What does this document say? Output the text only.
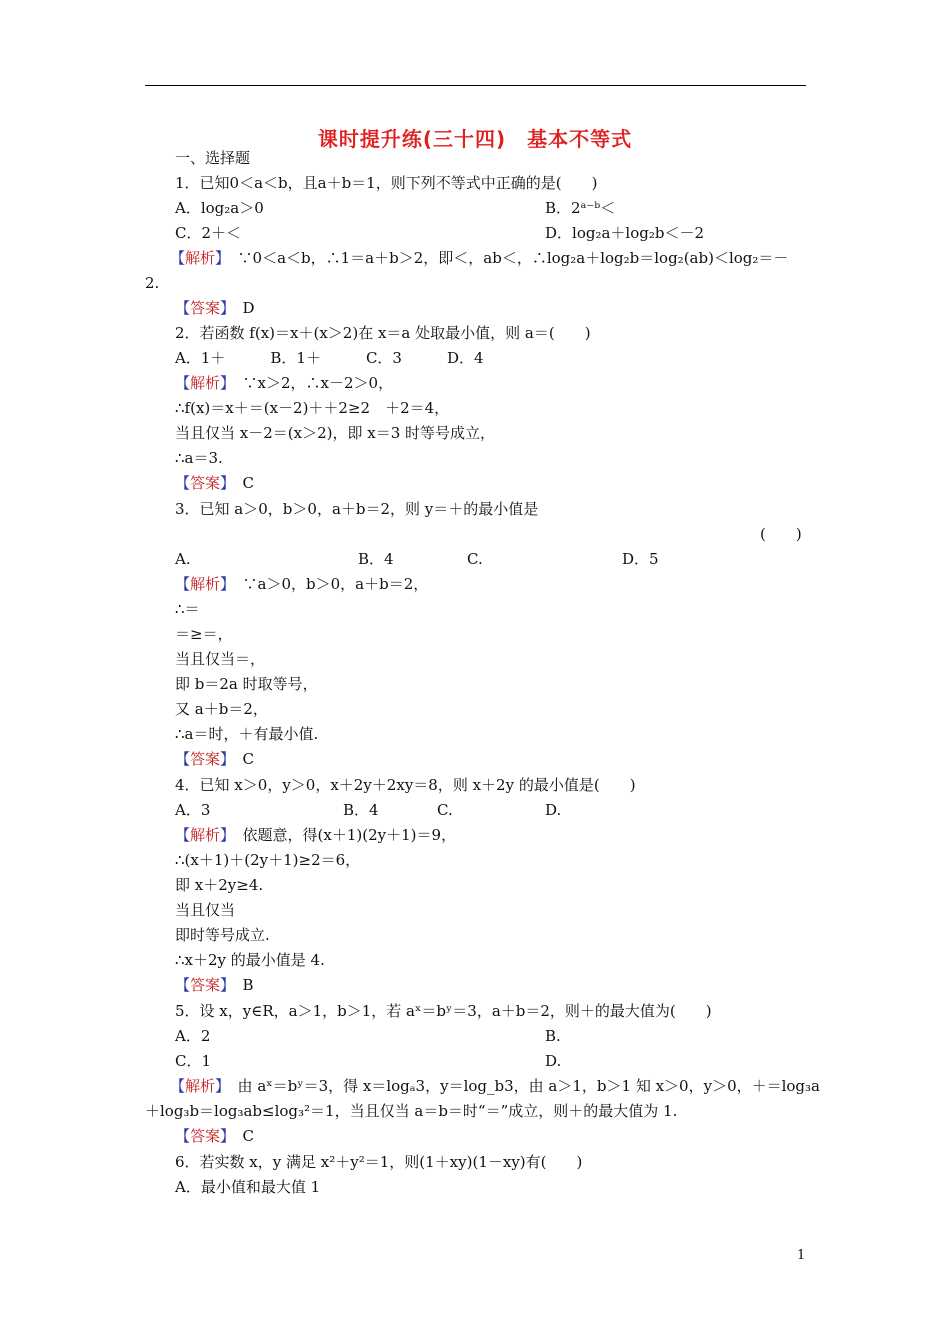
课时提升练(三十四)　基本不等式
一、选择题
1．已知0＜a＜b，且a＋b＝1，则下列不等式中正确的是(　　)
A．log₂a＞0	B．2ᵃ⁻ᵇ＜
C．2＋＜	D．log₂a＋log₂b＜－2
【解析】　∵0＜a＜b，∴1＝a＋b＞2，即＜，ab＜，∴log₂a＋log₂b＝log₂(ab)＜log₂＝－
2.
【答案】　D
2．若函数 f(x)＝x＋(x＞2)在 x＝a 处取最小值，则 a＝(　　)
A．1＋　　　B．1＋　　　C．3　　　D．4
【解析】　∵x＞2，∴x－2＞0，
∴f(x)＝x＋＝(x－2)＋＋2≥2　＋2＝4，
当且仅当 x－2＝(x＞2)，即 x＝3 时等号成立，
∴a＝3.
【答案】　C
3．已知 a＞0，b＞0，a＋b＝2，则 y＝＋的最小值是
(　　)
A.	B．4	C.	D．5
【解析】　∵a＞0，b＞0，a＋b＝2，
∴＝
＝≥＝，
当且仅当＝，
即 b＝2a 时取等号，
又 a＋b＝2，
∴a＝时，＋有最小值.
【答案】　C
4．已知 x＞0，y＞0，x＋2y＋2xy＝8，则 x＋2y 的最小值是(　　)
A．3	B．4	C.	D.
【解析】　依题意，得(x＋1)(2y＋1)＝9，
∴(x＋1)＋(2y＋1)≥2＝6，
即 x＋2y≥4.
当且仅当
即时等号成立.
∴x＋2y 的最小值是 4.
【答案】　B
5．设 x，y∈R，a＞1，b＞1，若 aˣ＝bʸ＝3，a＋b＝2，则＋的最大值为(　　)
A．2	B.
C．1	D.
【解析】　由 aˣ＝bʸ＝3，得 x＝logₐ3，y＝log_b3，由 a＞1，b＞1 知 x＞0，y＞0，＋＝log₃a
＋log₃b＝log₃ab≤log₃²＝1，当且仅当 a＝b＝时“＝”成立，则＋的最大值为 1.
【答案】　C
6．若实数 x，y 满足 x²＋y²＝1，则(1＋xy)(1－xy)有(　　)
A．最小值和最大值 1
1
